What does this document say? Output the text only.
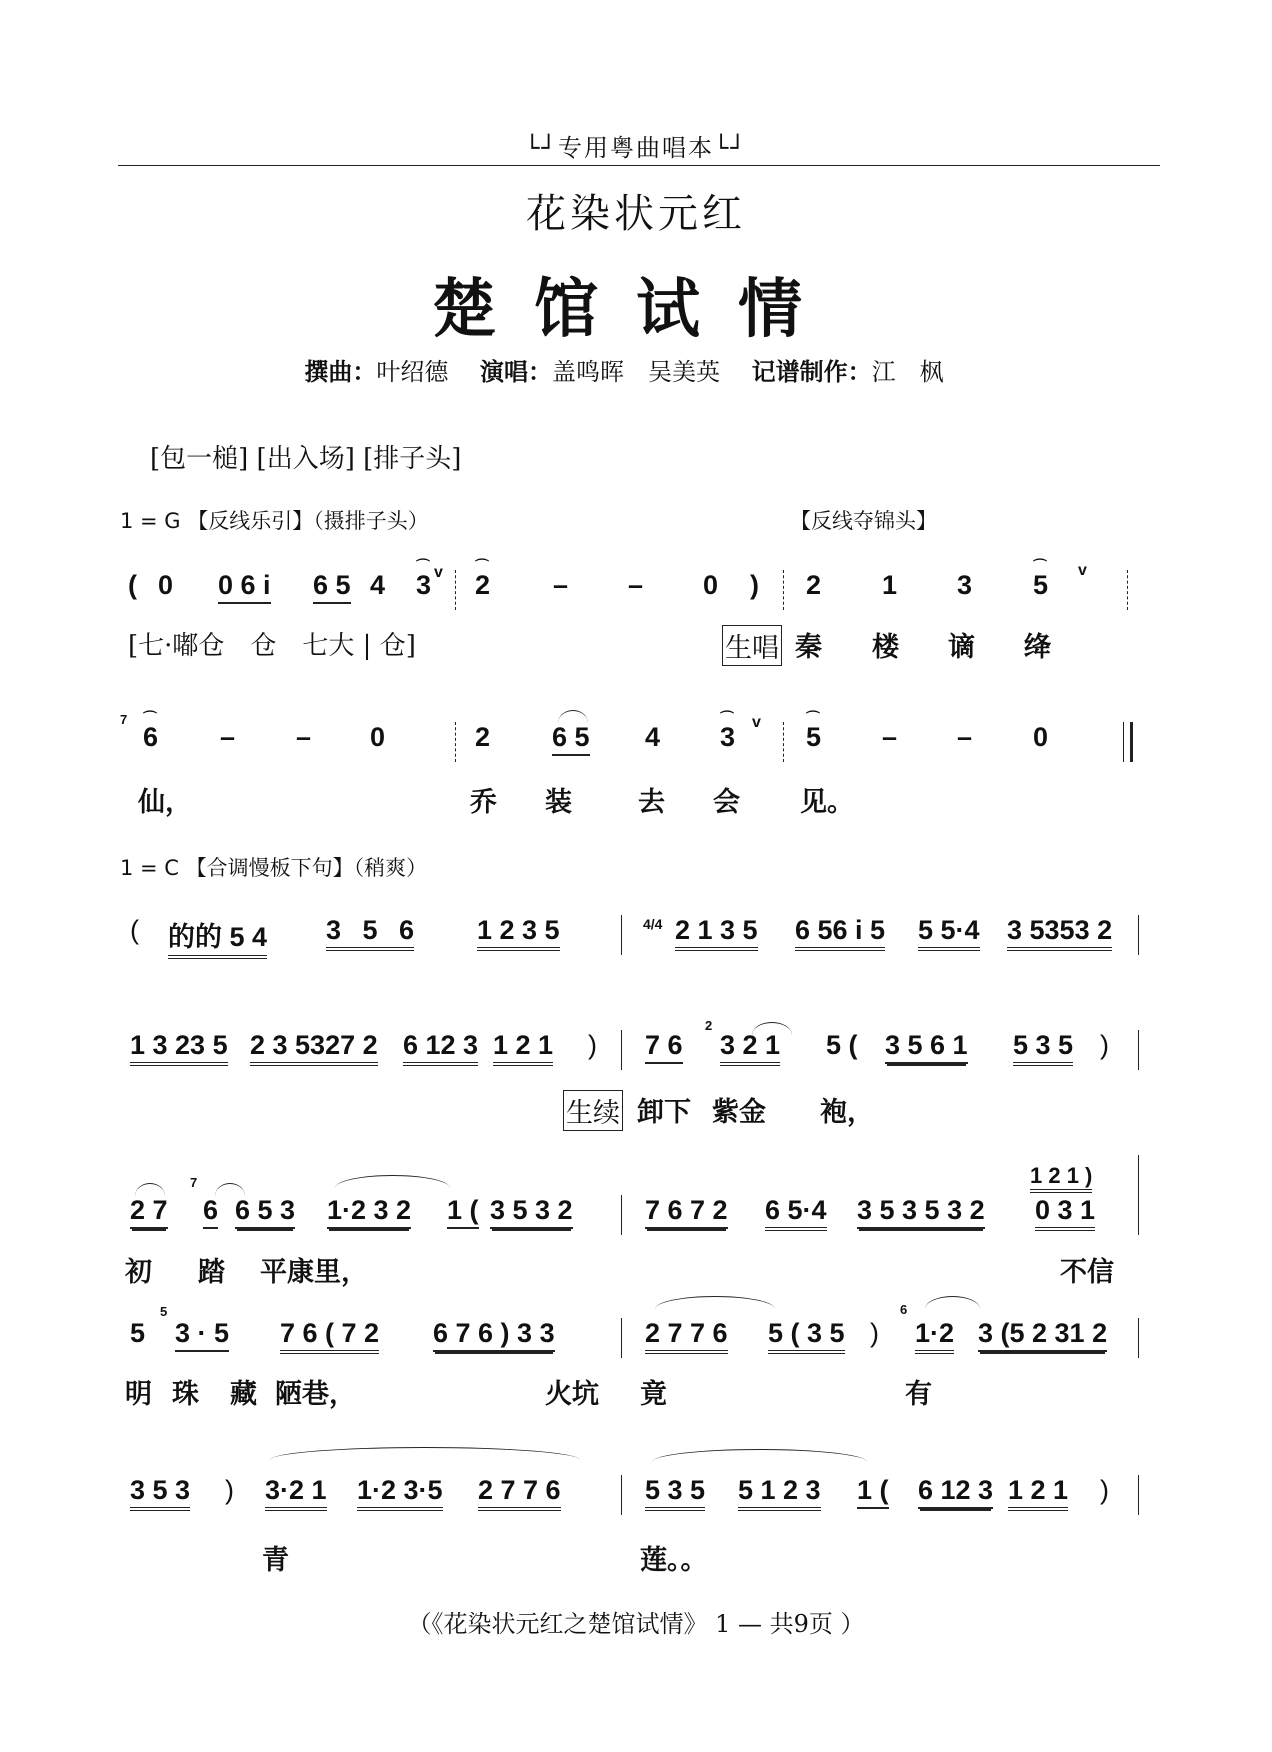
└┘专用粤曲唱本└┘
花染状元红
楚馆试情
撰曲：叶绍德 演唱：盖鸣晖　吴美英 记谱制作：江　枫
[包一槌] [出入场] [排子头]
1 = G 【反线乐引】（摄排子头）	【反线夺锦头】
( 0 0 6 i 6 5 4 3
⌒ v 2
⌒
– – 0 ) 2 1 3 5
⌒ v
[七·嘟仓　仓　七大 | 仓]	生唱 秦 楼 谪 绛
7
6
⌒
– – 0	2 6 5 4 3
⌒ v 5
⌒
– – 0
仙，	乔 装 去 会 见。
1 = C 【合调慢板下句】（稍爽）
( 的的 5 4 3 5 6 1 2 3 5	4/4 2 1 3 5 6 56 i 5 5 5·4 3 5353 2
1 3 23 5 2 3 5327 2 6 12 3 1 2 1 ) 7 6
2
3 2 1 5 ( 3 5 6 1 5 3 5 )
生续 卸下 紫金 袍，
1 2 1 )
2 7
7
6 6 5 3 1·2 3 2 1 ( 3 5 3 2	7 6 7 2 6 5·4 3 5 3 5 3 2 0 3 1
初 踏 平康里，	不信
5
5
3 · 5 7 6 ( 7 2 6 7 6 ) 3 3	2 7 7 6 5 ( 3 5 )
6
1·2 3 (5 2 31 2
明 珠 藏 陋巷，	火坑 竟	有
3 5 3 ) 3·2 1 1·2 3·5 2 7 7 6	5 3 5 5 1 2 3 1 ( 6 12 3 1 2 1 )
青	莲。。
（《花染状元红之楚馆试情》 1 — 共9页 ）
